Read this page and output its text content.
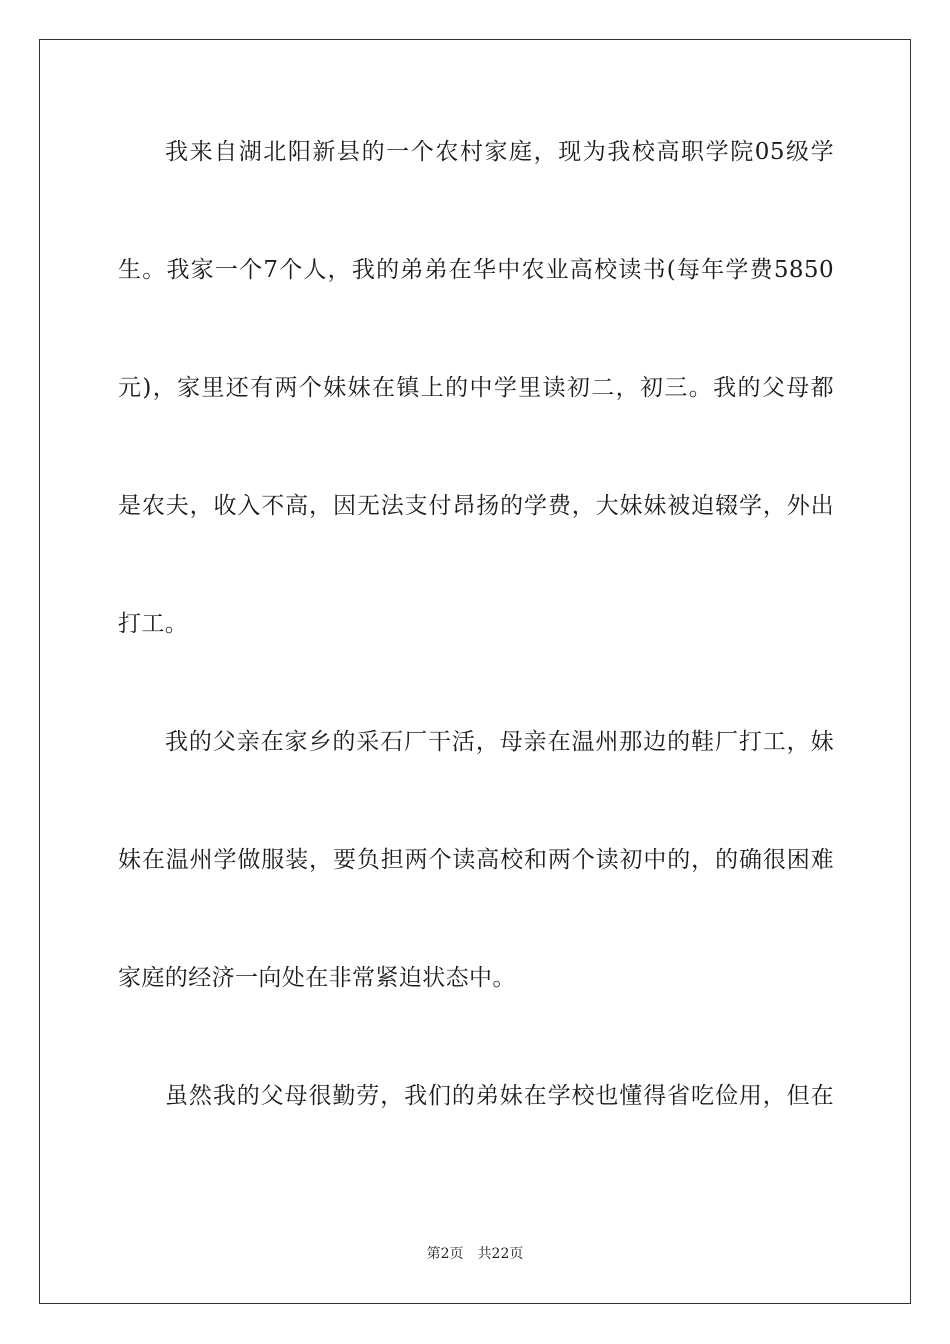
我来自湖北阳新县的一个农村家庭，现为我校高职学院05级学
生。我家一个7个人，我的弟弟在华中农业高校读书(每年学费5850
元)，家里还有两个妹妹在镇上的中学里读初二，初三。我的父母都
是农夫，收入不高，因无法支付昂扬的学费，大妹妹被迫辍学，外出
打工。
我的父亲在家乡的采石厂干活，母亲在温州那边的鞋厂打工，妹
妹在温州学做服装，要负担两个读高校和两个读初中的，的确很困难
家庭的经济一向处在非常紧迫状态中。
虽然我的父母很勤劳，我们的弟妹在学校也懂得省吃俭用，但在
第2页 共22页
